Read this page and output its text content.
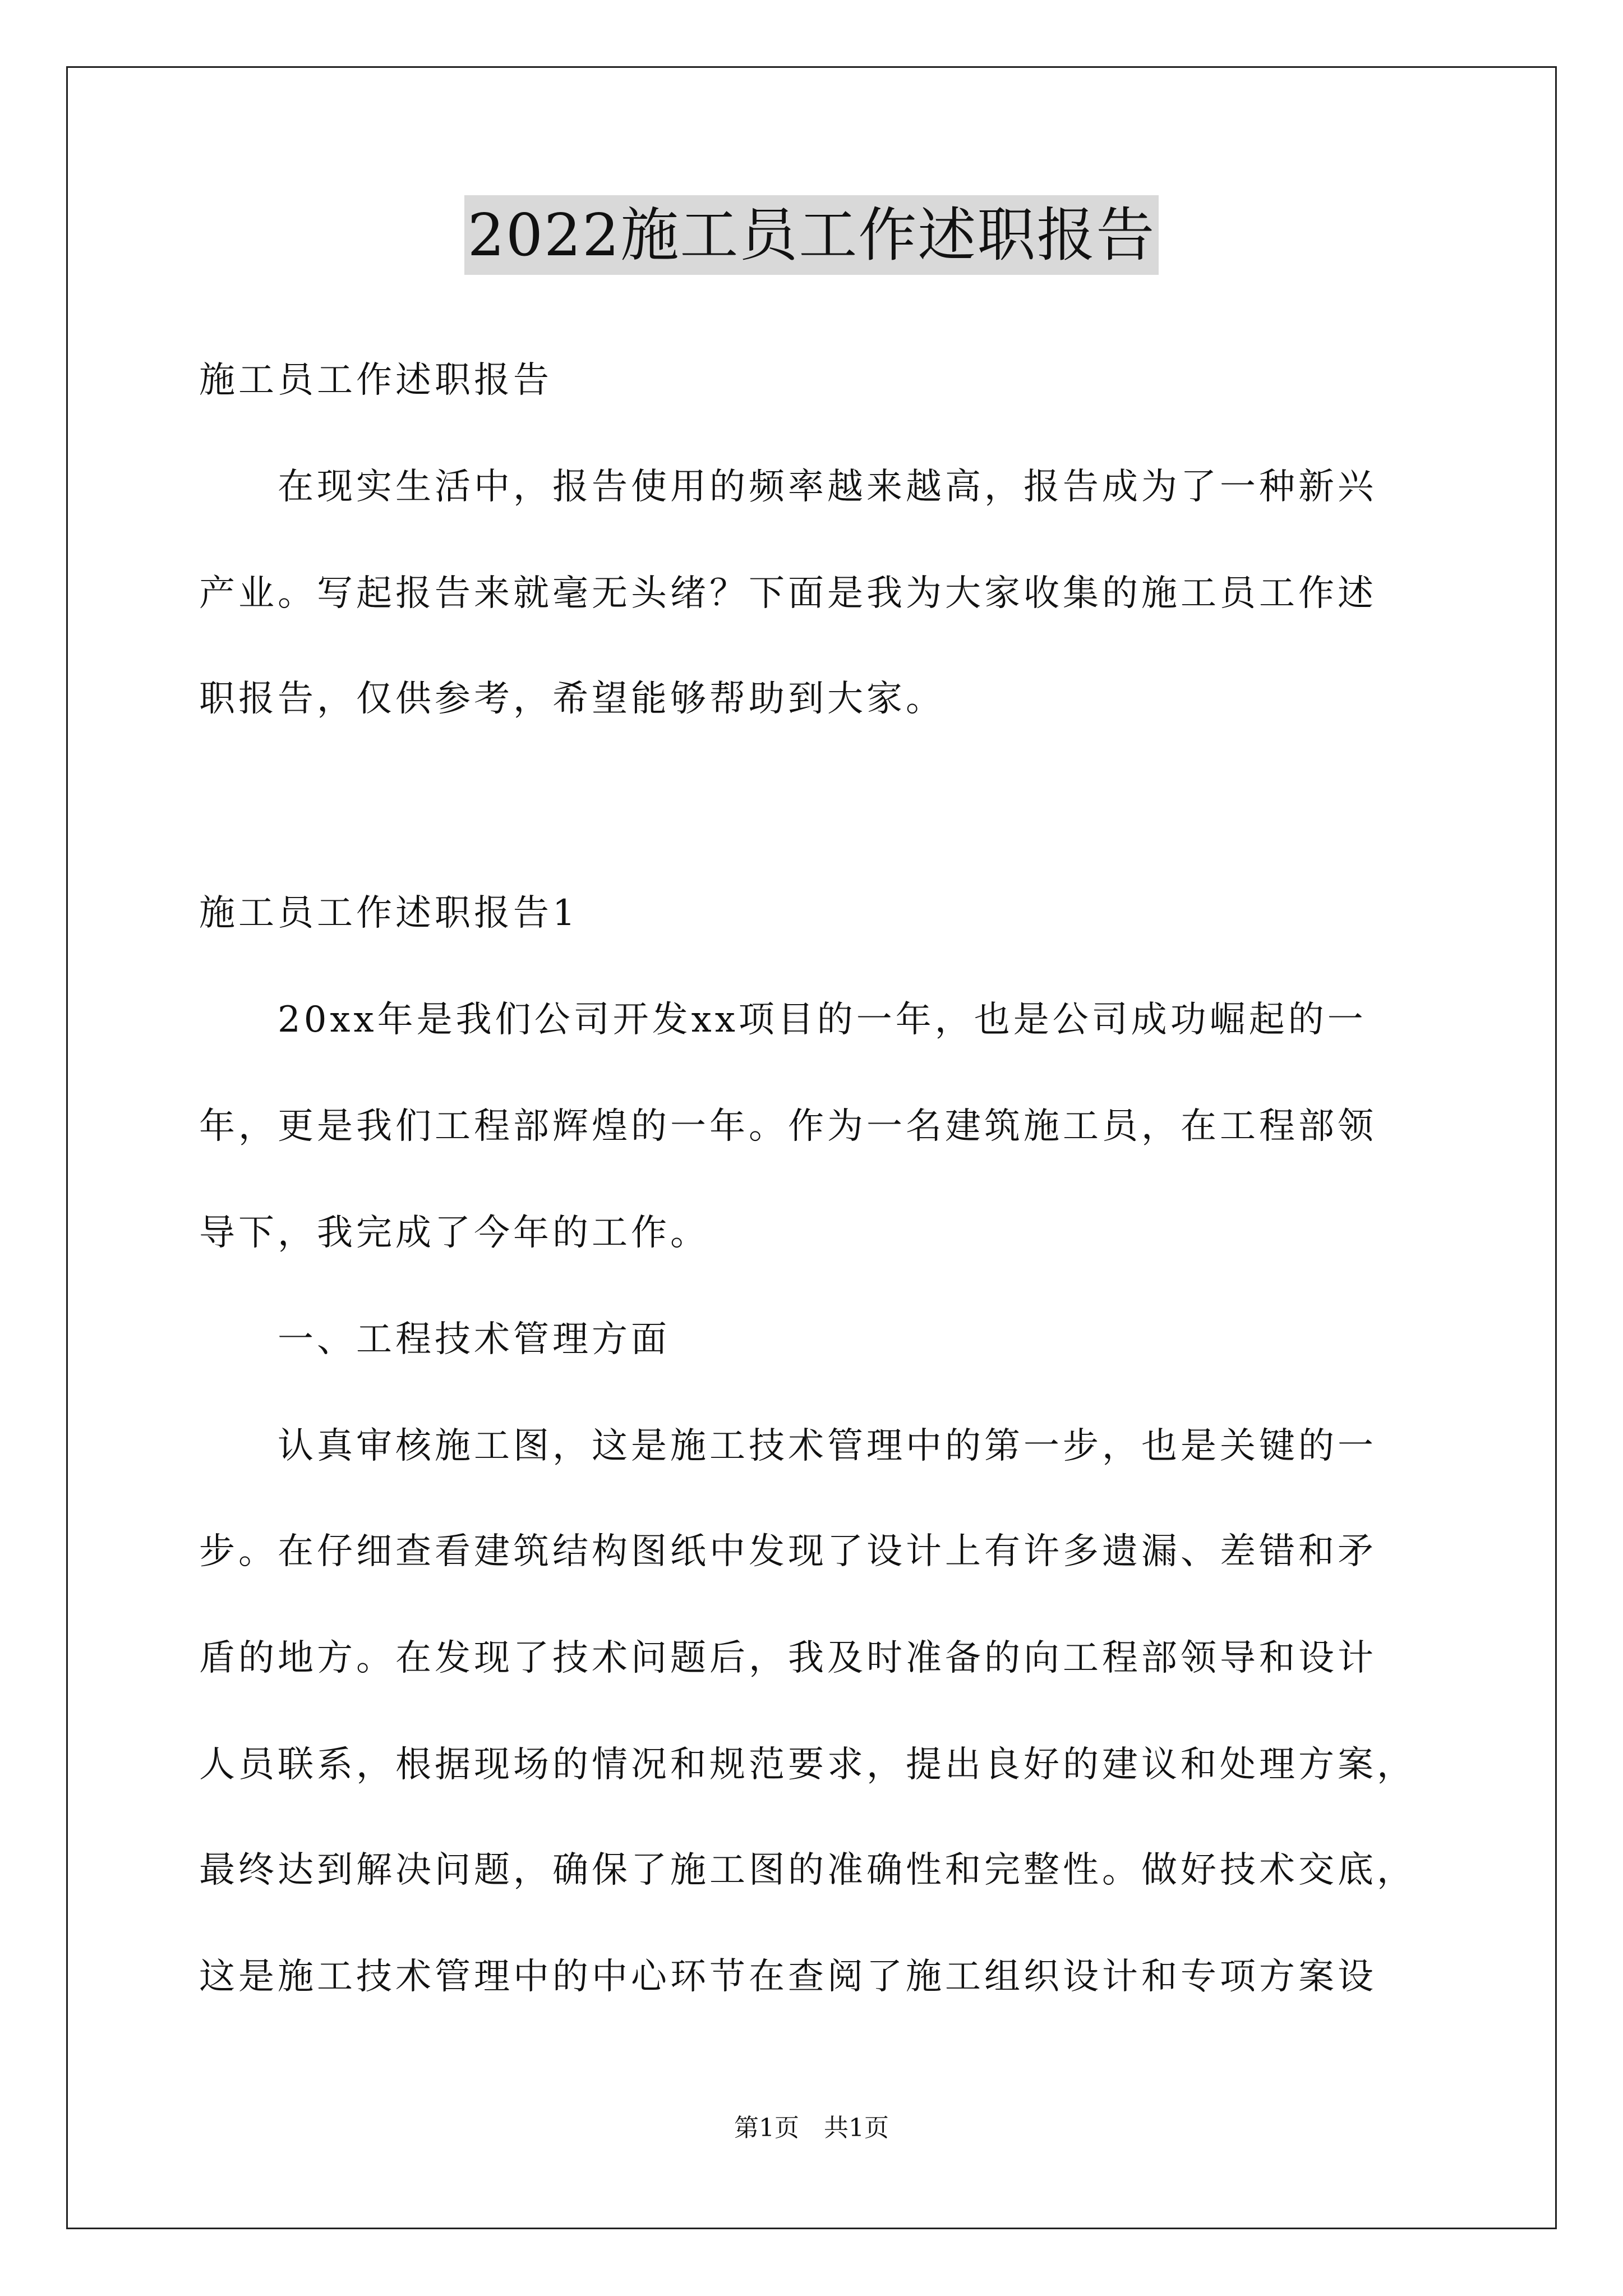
2022施工员工作述职报告
施工员工作述职报告
　　在现实生活中，报告使用的频率越来越高，报告成为了一种新兴
产业。写起报告来就毫无头绪？下面是我为大家收集的施工员工作述
职报告，仅供参考，希望能够帮助到大家。
施工员工作述职报告1
　　20xx年是我们公司开发xx项目的一年，也是公司成功崛起的一
年，更是我们工程部辉煌的一年。作为一名建筑施工员，在工程部领
导下，我完成了今年的工作。
　　一、工程技术管理方面
　　认真审核施工图，这是施工技术管理中的第一步，也是关键的一
步。在仔细查看建筑结构图纸中发现了设计上有许多遗漏、差错和矛
盾的地方。在发现了技术问题后，我及时准备的向工程部领导和设计
人员联系，根据现场的情况和规范要求，提出良好的建议和处理方案，
最终达到解决问题，确保了施工图的准确性和完整性。做好技术交底，
这是施工技术管理中的中心环节在查阅了施工组织设计和专项方案设
第1页　共1页
